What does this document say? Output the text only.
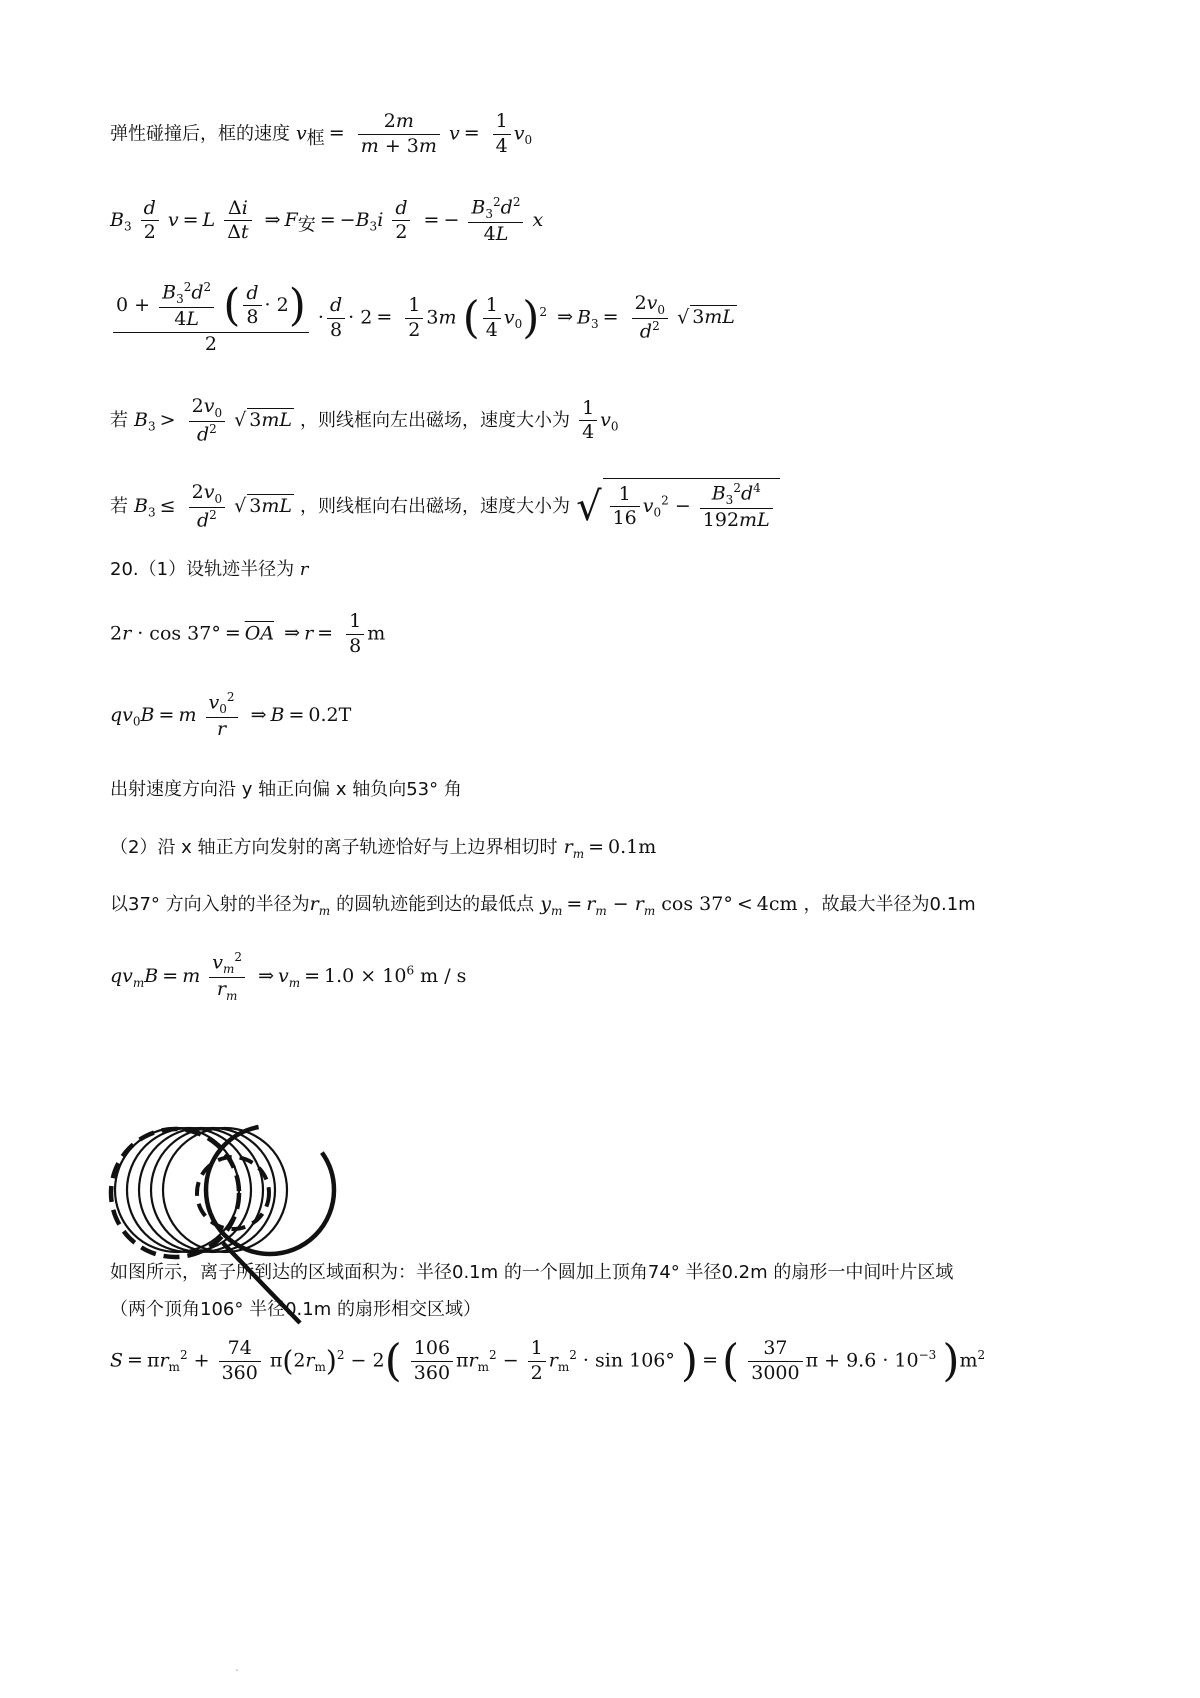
弹性碰撞后，框的速度 $v_框 = \frac{2m}{m + 3m}$ $v = \frac{1}{4} v_0$
$B_3 \frac{d}{2}$ v = L $\frac{\Delta i}{\Delta t}$ ⇒ $F_安 = -B_3i \frac{d}{2}$ = − $\frac{B_3^2d^2}{4L}$ x
$\frac{0 + \frac{B_3^2d^2}{4L} ( \frac{d}{8} \cdot 2)}{2} \cdot \frac{d}{8} \cdot 2 = \frac{1}{2} 3m$ ( $\frac{1}{4} v_0)^2$ ⇒ $B_3 = \frac{2v_0}{d^2}$ √ 3mL
若 $B_3 > \frac{2v_0}{d^2}$ √ 3mL ，则线框向左出磁场，速度大小为 $\frac{1}{4} v_0$
若 $B_3 \le \frac{2v_0}{d^2}$ √ 3mL ，则线框向右出磁场，速度大小为 √ $\frac{1}{16} v_0^2 - \frac{B_3^2d^4}{192mL}$
20.（1）设轨迹半径为 r
$2r \cdot \cos 37^\circ = \overline{OA}$ ⇒ $r = \frac{1}{8}$ m
$qv_0B = m \frac{v_0^2}{r}$ ⇒ B = 0.2T
出射速度方向沿 y 轴正向偏 x 轴负向53° 角
（2）沿 x 轴正方向发射的离子轨迹恰好与上边界相切时 $r_m = 0.1m$
以37° 方向入射的半径为$r_m$ 的圆轨迹能到达的最低点 $y_m = r_m - r_m$ cos 37° < 4cm ，故最大半径为0.1m
$qv_mB = m \frac{v_m^2}{r_m}$ ⇒ $v_m = 1.0 \times 10^6$ m / s
如图所示，离子所到达的区域面积为：半径0.1m 的一个圆加上顶角74° 半径0.2m 的扇形一中间叶片区域
（两个顶角106° 半径0.1m 的扇形相交区域）
$S = \pi r_m^2 + \frac{74}{360} \pi(2r_m)^2 - 2( \frac{106}{360} \pi r_m^2 - \frac{1}{2} r_m^2 \cdot \sin 106^\circ$ ) =( $\frac{37}{3000}$ $\pi + 9.6 \cdot 10^{-3}$ )$m^2$
.
